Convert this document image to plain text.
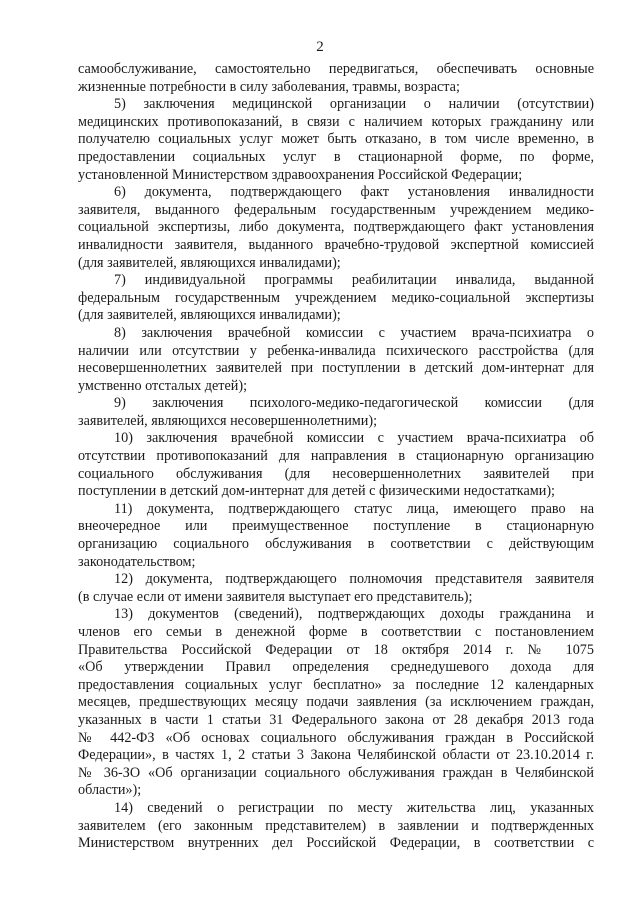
2
самообслуживание, самостоятельно передвигаться, обеспечивать основные
жизненные потребности в силу заболевания, травмы, возраста;
5) заключения медицинской организации о наличии (отсутствии)
медицинских противопоказаний, в связи с наличием которых гражданину или
получателю социальных услуг может быть отказано, в том числе временно, в
предоставлении социальных услуг в стационарной форме, по форме,
установленной Министерством здравоохранения Российской Федерации;
6) документа, подтверждающего факт установления инвалидности
заявителя, выданного федеральным государственным учреждением медико-
социальной экспертизы, либо документа, подтверждающего факт установления
инвалидности заявителя, выданного врачебно-трудовой экспертной комиссией
(для заявителей, являющихся инвалидами);
7) индивидуальной программы реабилитации инвалида, выданной
федеральным государственным учреждением медико-социальной экспертизы
(для заявителей, являющихся инвалидами);
8) заключения врачебной комиссии с участием врача-психиатра о
наличии или отсутствии у ребенка-инвалида психического расстройства (для
несовершеннолетних заявителей при поступлении в детский дом-интернат для
умственно отсталых детей);
9) заключения психолого-медико-педагогической комиссии (для
заявителей, являющихся несовершеннолетними);
10) заключения врачебной комиссии с участием врача-психиатра об
отсутствии противопоказаний для направления в стационарную организацию
социального обслуживания (для несовершеннолетних заявителей при
поступлении в детский дом-интернат для детей с физическими недостатками);
11) документа, подтверждающего статус лица, имеющего право на
внеочередное или преимущественное поступление в стационарную
организацию социального обслуживания в соответствии с действующим
законодательством;
12) документа, подтверждающего полномочия представителя заявителя
(в случае если от имени заявителя выступает его представитель);
13) документов (сведений), подтверждающих доходы гражданина и
членов его семьи в денежной форме в соответствии с постановлением
Правительства Российской Федерации от 18 октября 2014 г. № 1075
«Об утверждении Правил определения среднедушевого дохода для
предоставления социальных услуг бесплатно» за последние 12 календарных
месяцев, предшествующих месяцу подачи заявления (за исключением граждан,
указанных в части 1 статьи 31 Федерального закона от 28 декабря 2013 года
№ 442-ФЗ «Об основах социального обслуживания граждан в Российской
Федерации», в частях 1, 2 статьи 3 Закона Челябинской области от 23.10.2014 г.
№ 36-ЗО «Об организации социального обслуживания граждан в Челябинской
области»);
14) сведений о регистрации по месту жительства лиц, указанных
заявителем (его законным представителем) в заявлении и подтвержденных
Министерством внутренних дел Российской Федерации, в соответствии с
